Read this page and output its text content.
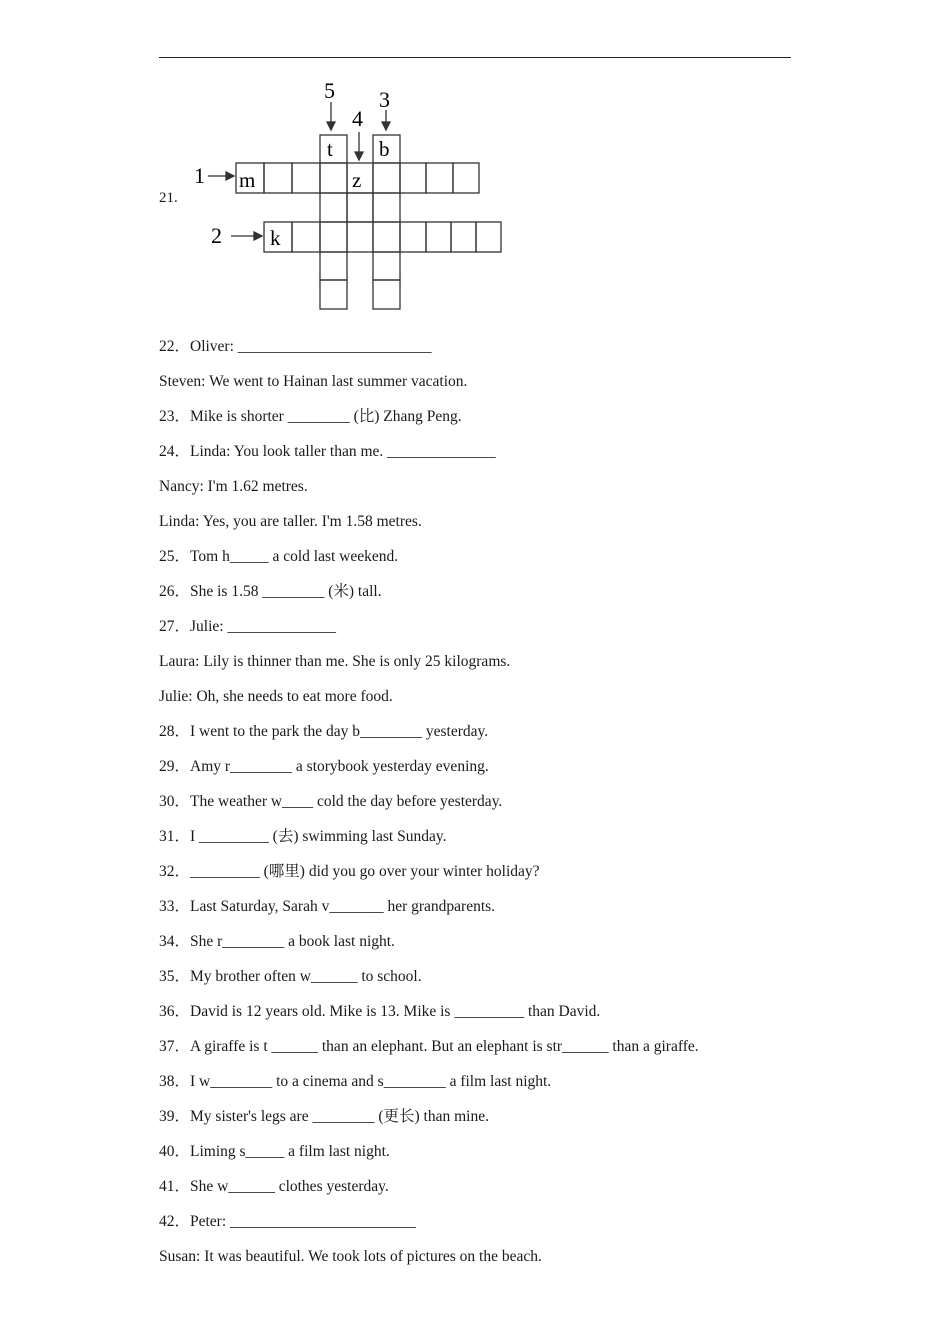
21.
5
4
3
1
2
t b
m	z
k
22．Oliver: _________________________
Steven: We went to Hainan last summer vacation.
23．Mike is shorter ________ (比) Zhang Peng.
24．Linda: You look taller than me. ______________
Nancy: I'm 1.62 metres.
Linda: Yes, you are taller. I'm 1.58 metres.
25．Tom h_____ a cold last weekend.
26．She is 1.58 ________ (米) tall.
27．Julie: ______________
Laura: Lily is thinner than me. She is only 25 kilograms.
Julie: Oh, she needs to eat more food.
28．I went to the park the day b________ yesterday.
29．Amy r________ a storybook yesterday evening.
30．The weather w____ cold the day before yesterday.
31．I _________ (去) swimming last Sunday.
32．_________ (哪里) did you go over your winter holiday?
33．Last Saturday, Sarah v_______ her grandparents.
34．She r________ a book last night.
35．My brother often w______ to school.
36．David is 12 years old. Mike is 13. Mike is _________ than David.
37．A giraffe is t ______ than an elephant. But an elephant is str______ than a giraffe.
38．I w________ to a cinema and s________ a film last night.
39．My sister's legs are ________ (更长) than mine.
40．Liming s_____ a film last night.
41．She w______ clothes yesterday.
42．Peter: ________________________
Susan: It was beautiful. We took lots of pictures on the beach.
